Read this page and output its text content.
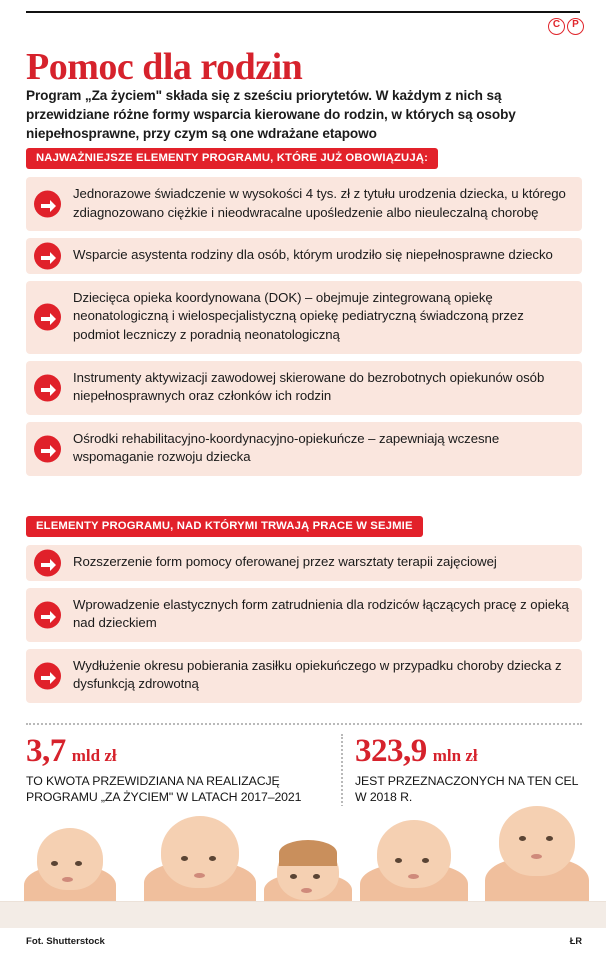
C	P
Pomoc dla rodzin

Program „Za życiem" składa się z sześciu priorytetów. W każdym z nich są przewidziane różne formy wsparcia kierowane do rodzin, w których są osoby niepełnosprawne, przy czym są one wdrażane etapowo

NAJWAŻNIEJSZE ELEMENTY PROGRAMU, KTÓRE JUŻ OBOWIĄZUJĄ:
Jednorazowe świadczenie w wysokości 4 tys. zł z tytułu urodzenia dziecka, u którego zdiagnozowano ciężkie i nieodwracalne upośledzenie albo nieuleczalną chorobę
Wsparcie asystenta rodziny dla osób, którym urodziło się niepełnosprawne dziecko
Dziecięca opieka koordynowana (DOK) – obejmuje zintegrowaną opiekę neonatologiczną i wielospecjalistyczną opiekę pediatryczną świadczoną przez podmiot leczniczy z poradnią neonatologiczną
Instrumenty aktywizacji zawodowej skierowane do bezrobotnych opiekunów osób niepełnosprawnych oraz członków ich rodzin
Ośrodki rehabilitacyjno-koordynacyjno-opiekuńcze – zapewniają wczesne wspomaganie rozwoju dziecka
ELEMENTY PROGRAMU, NAD KTÓRYMI TRWAJĄ PRACE W SEJMIE
Rozszerzenie form pomocy oferowanej przez warsztaty terapii zajęciowej
Wprowadzenie elastycznych form zatrudnienia dla rodziców łączących pracę z opieką nad dzieckiem
Wydłużenie okresu pobierania zasiłku opiekuńczego w przypadku choroby dziecka z dysfunkcją zdrowotną
3,7 mld zł
TO KWOTA PRZEWIDZIANA NA REALIZACJĘ PROGRAMU „ZA ŻYCIEM" W LATACH 2017–2021
323,9 mln zł
JEST PRZEZNACZONYCH NA TEN CEL W 2018 R.
Fot. Shutterstock	ŁR
